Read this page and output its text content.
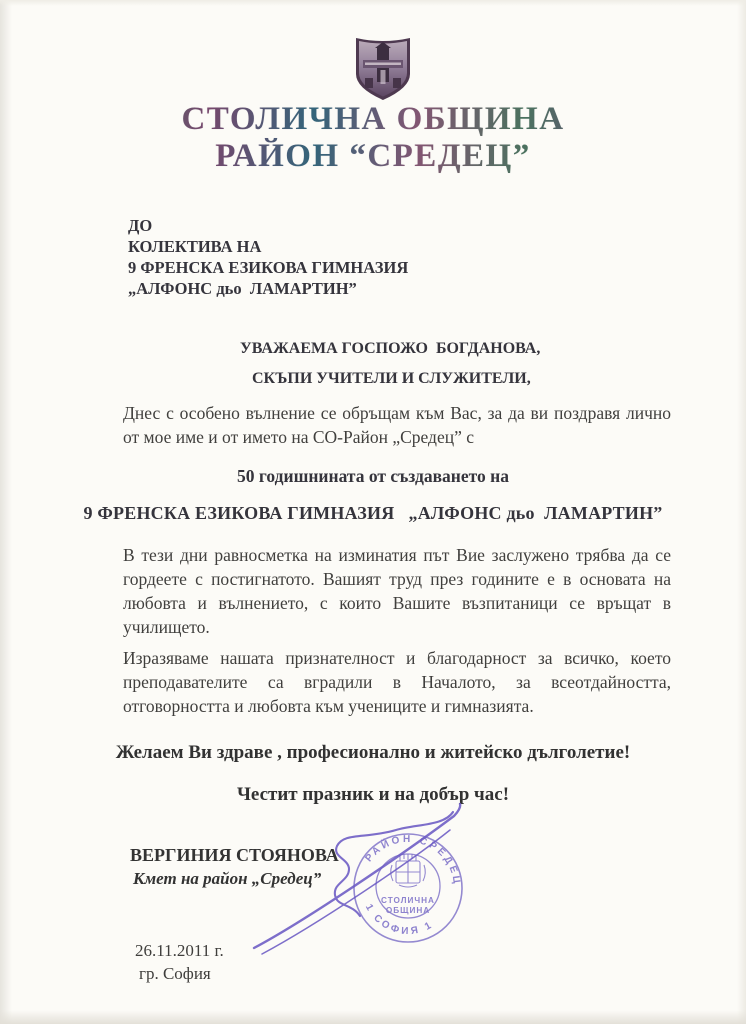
СТОЛИЧНА ОБЩИНА
РАЙОН “СРЕДЕЦ”
ДО
КОЛЕКТИВА НА
9 ФРЕНСКА ЕЗИКОВА ГИМНАЗИЯ
„АЛФОНС дьо  ЛАМАРТИН”
УВАЖАЕМА ГОСПОЖО  БОГДАНОВА,
СКЪПИ УЧИТЕЛИ И СЛУЖИТЕЛИ,
Днес с особено вълнение се обръщам към Вас, за да ви поздравя лично от мое име и от името на СО-Район „Средец” с
50 годишнината от създаването на
9 ФРЕНСКА ЕЗИКОВА ГИМНАЗИЯ   „АЛФОНС дьо  ЛАМАРТИН”
В тези дни равносметка на изминатия път Вие заслужено трябва да се гордеете с постигнатото. Вашият труд през годините е в основата на любовта и вълнението, с които Вашите възпитаници се връщат в училището.
Изразяваме нашата признателност и благодарност за всичко, което преподавателите са вградили в Началото, за всеотдайността, отговорността и любовта към учениците и гимназията.
Желаем Ви здраве , професионално и житейско дълголетие!
Честит празник и на добър час!
ВЕРГИНИЯ СТОЯНОВА
Кмет на район „Средец”
РАЙОН СРЕДЕЦ
1 СОФИЯ 1
СТОЛИЧНА
ОБЩИНА
26.11.2011 г.
гр. София
